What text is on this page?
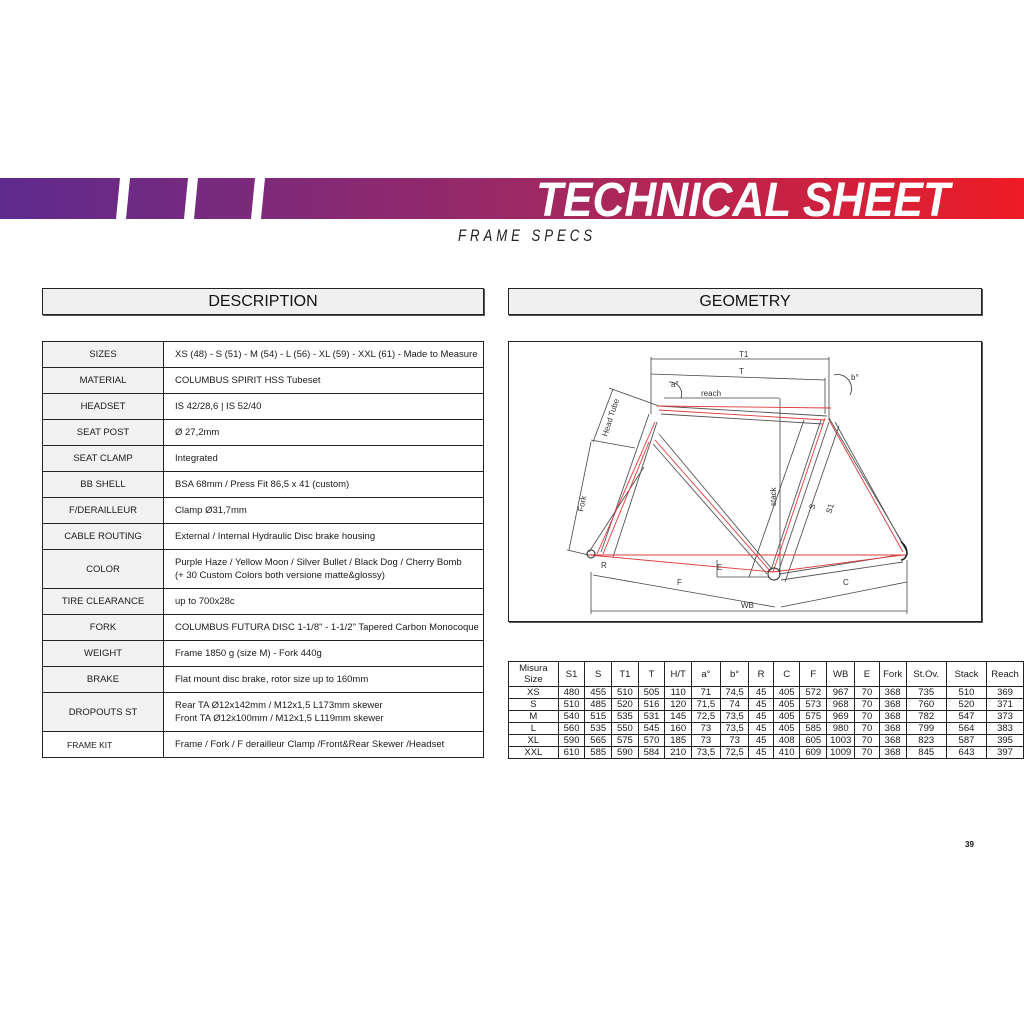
TECHNICAL SHEET
FRAME SPECS
DESCRIPTION	GEOMETRY
SIZES	XS (48) - S (51) - M (54) - L (56) - XL (59) - XXL (61) - Made to Measure
MATERIAL	COLUMBUS SPIRIT HSS Tubeset
HEADSET	IS 42/28,6 | IS 52/40
SEAT POST	Ø 27,2mm
SEAT CLAMP	Integrated
BB SHELL	BSA 68mm / Press Fit 86,5 x 41 (custom)
F/DERAILLEUR	Clamp Ø31,7mm
CABLE ROUTING	External / Internal Hydraulic Disc brake housing
COLOR	Purple Haze / Yellow Moon / Silver Bullet / Black Dog / Cherry Bomb
(+ 30 Custom Colors both versione matte&glossy)

TIRE CLEARANCE	up to 700x28c
FORK	COLUMBUS FUTURA DISC 1-1/8" - 1-1/2" Tapered Carbon Monocoque
WEIGHT	Frame 1850 g (size M) - Fork 440g
BRAKE	Flat mount disc brake, rotor size up to 160mm
DROPOUTS ST	Rear TA Ø12x142mm / M12x1,5 L173mm skewer
Front TA Ø12x100mm / M12x1,5 L119mm skewer

FRAME KIT	Frame / Fork / F derailleur Clamp /Front&Rear Skewer /Headset
T1
T
a°
b°
reach
Head Tube
Fork	stack
S S1
R	E
F	C
WB
Misura
Size	S1	S	T1	T	H/T	a°	b°	R	C	F	WB	E	Fork	St.Ov.	Stack	Reach
XS	480	455	510	505	110	71	74,5	45	405	572	967	70	368	735	510	369
S	510	485	520	516	120	71,5	74	45	405	573	968	70	368	760	520	371
M	540	515	535	531	145	72,5	73,5	45	405	575	969	70	368	782	547	373
L	560	535	550	545	160	73	73,5	45	405	585	980	70	368	799	564	383
XL	590	565	575	570	185	73	73	45	408	605	1003	70	368	823	587	395
XXL	610	585	590	584	210	73,5	72,5	45	410	609	1009	70	368	845	643	397
39
